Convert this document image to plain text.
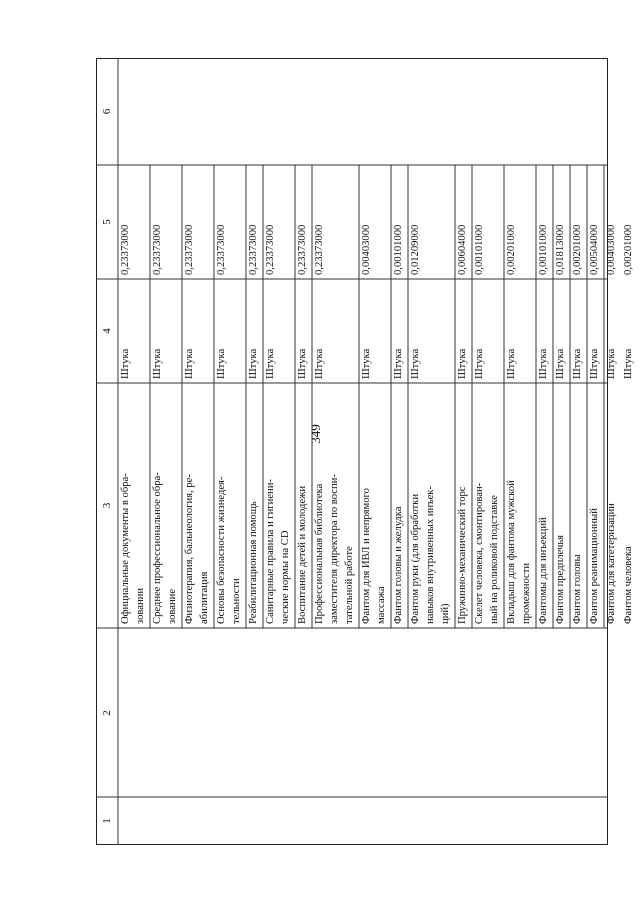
349
1
2
3
4
5
6
Официальные документы в обра- зовании
Штука
0,23373000
Среднее профессиональное обра- зование
Штука
0,23373000
Физиотерапия, бальнеология, ре- абилитация
Штука
0,23373000
Основы безопасности жизнедея- тельности
Штука
0,23373000
Реабилитационная помощь
Штука
0,23373000
Санитарные правила и гигиени- ческие нормы на CD
Штука
0,23373000
Воспитание детей и молодежи
Штука
0,23373000
Профессиональная библиотека заместителя директора по воспи- тательной работе
Штука
0,23373000
Фантом для ИВЛ и непрямого массажа
Штука
0,00403000
Фантом головы и желудка
Штука
0,00101000
Фантом руки (для обработки навыков внутривенных инъек- ций)
Штука
0,01209000
Пружинно-механический торс
Штука
0,00604000
Скелет человека, смонтирован- ный на роликовой подставке
Штука
0,00101000
Вкладыш для фантома мужской промежности
Штука
0,00201000
Фантомы для инъекций
Штука
0,00101000
Фантом предплечья
Штука
0,01813000
Фантом головы
Штука
0,00201000
Фантом реанимационный
Штука
0,00504000
Фантом для катетеризации
Штука
0,00403000
Фантом человека
Штука
0,00201000
